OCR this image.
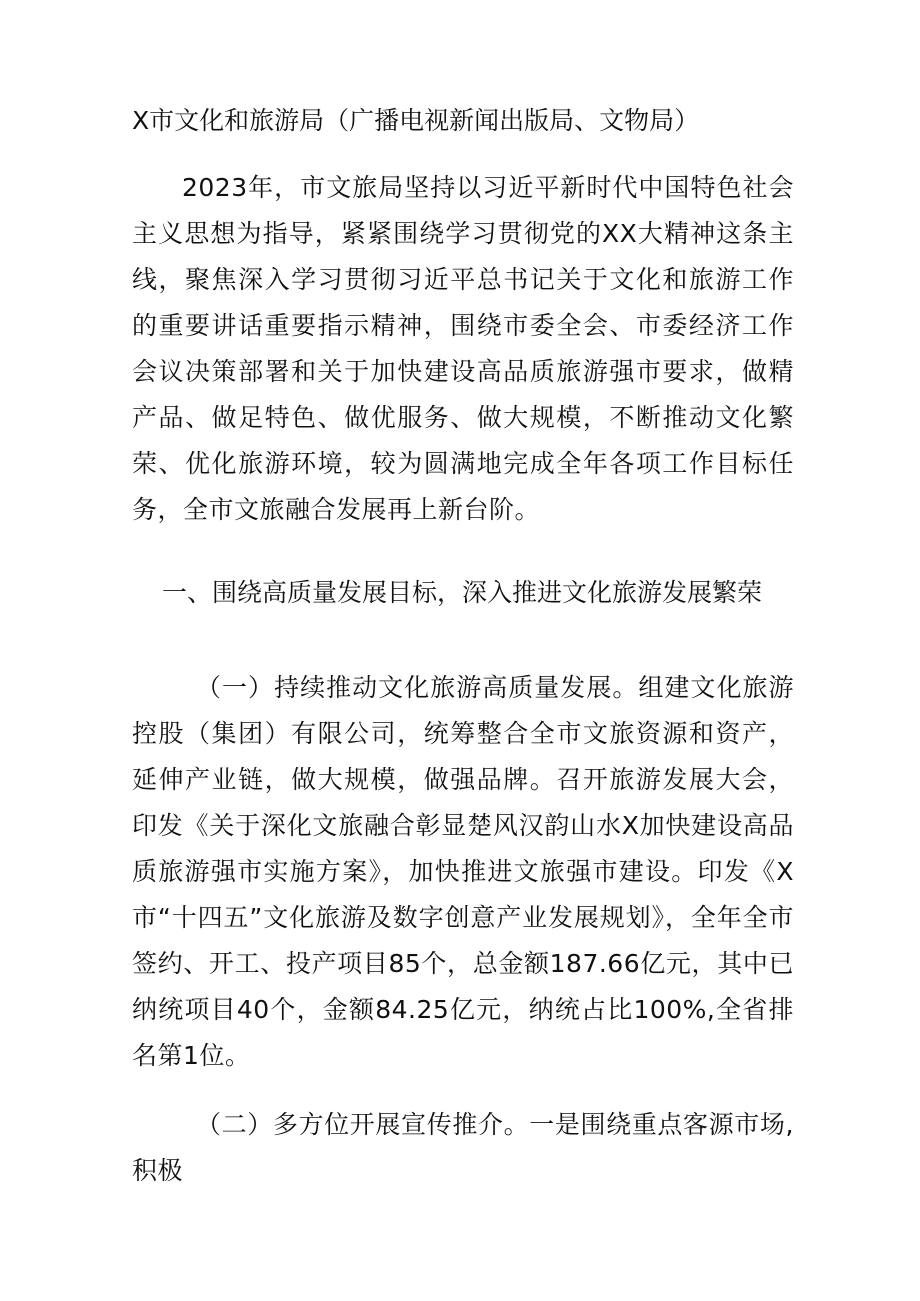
X市文化和旅游局（广播电视新闻出版局、文物局）

2023年，市文旅局坚持以习近平新时代中国特色社会主义思想为指导，紧紧围绕学习贯彻党的XX大精神这条主线，聚焦深入学习贯彻习近平总书记关于文化和旅游工作的重要讲话重要指示精神，围绕市委全会、市委经济工作会议决策部署和关于加快建设高品质旅游强市要求，做精产品、做足特色、做优服务、做大规模，不断推动文化繁荣、优化旅游环境，较为圆满地完成全年各项工作目标任务，全市文旅融合发展再上新台阶。

一、围绕高质量发展目标，深入推进文化旅游发展繁荣

（一）持续推动文化旅游高质量发展。组建文化旅游控股（集团）有限公司，统筹整合全市文旅资源和资产，延伸产业链，做大规模，做强品牌。召开旅游发展大会，印发《关于深化文旅融合彰显楚风汉韵山水X加快建设高品质旅游强市实施方案》，加快推进文旅强市建设。印发《X市“十四五”文化旅游及数字创意产业发展规划》，全年全市签约、开工、投产项目85个，总金额187.66亿元，其中已纳统项目40个，金额84.25亿元，纳统占比100%,全省排名第1位。

（二）多方位开展宣传推介。一是围绕重点客源市场,积极
